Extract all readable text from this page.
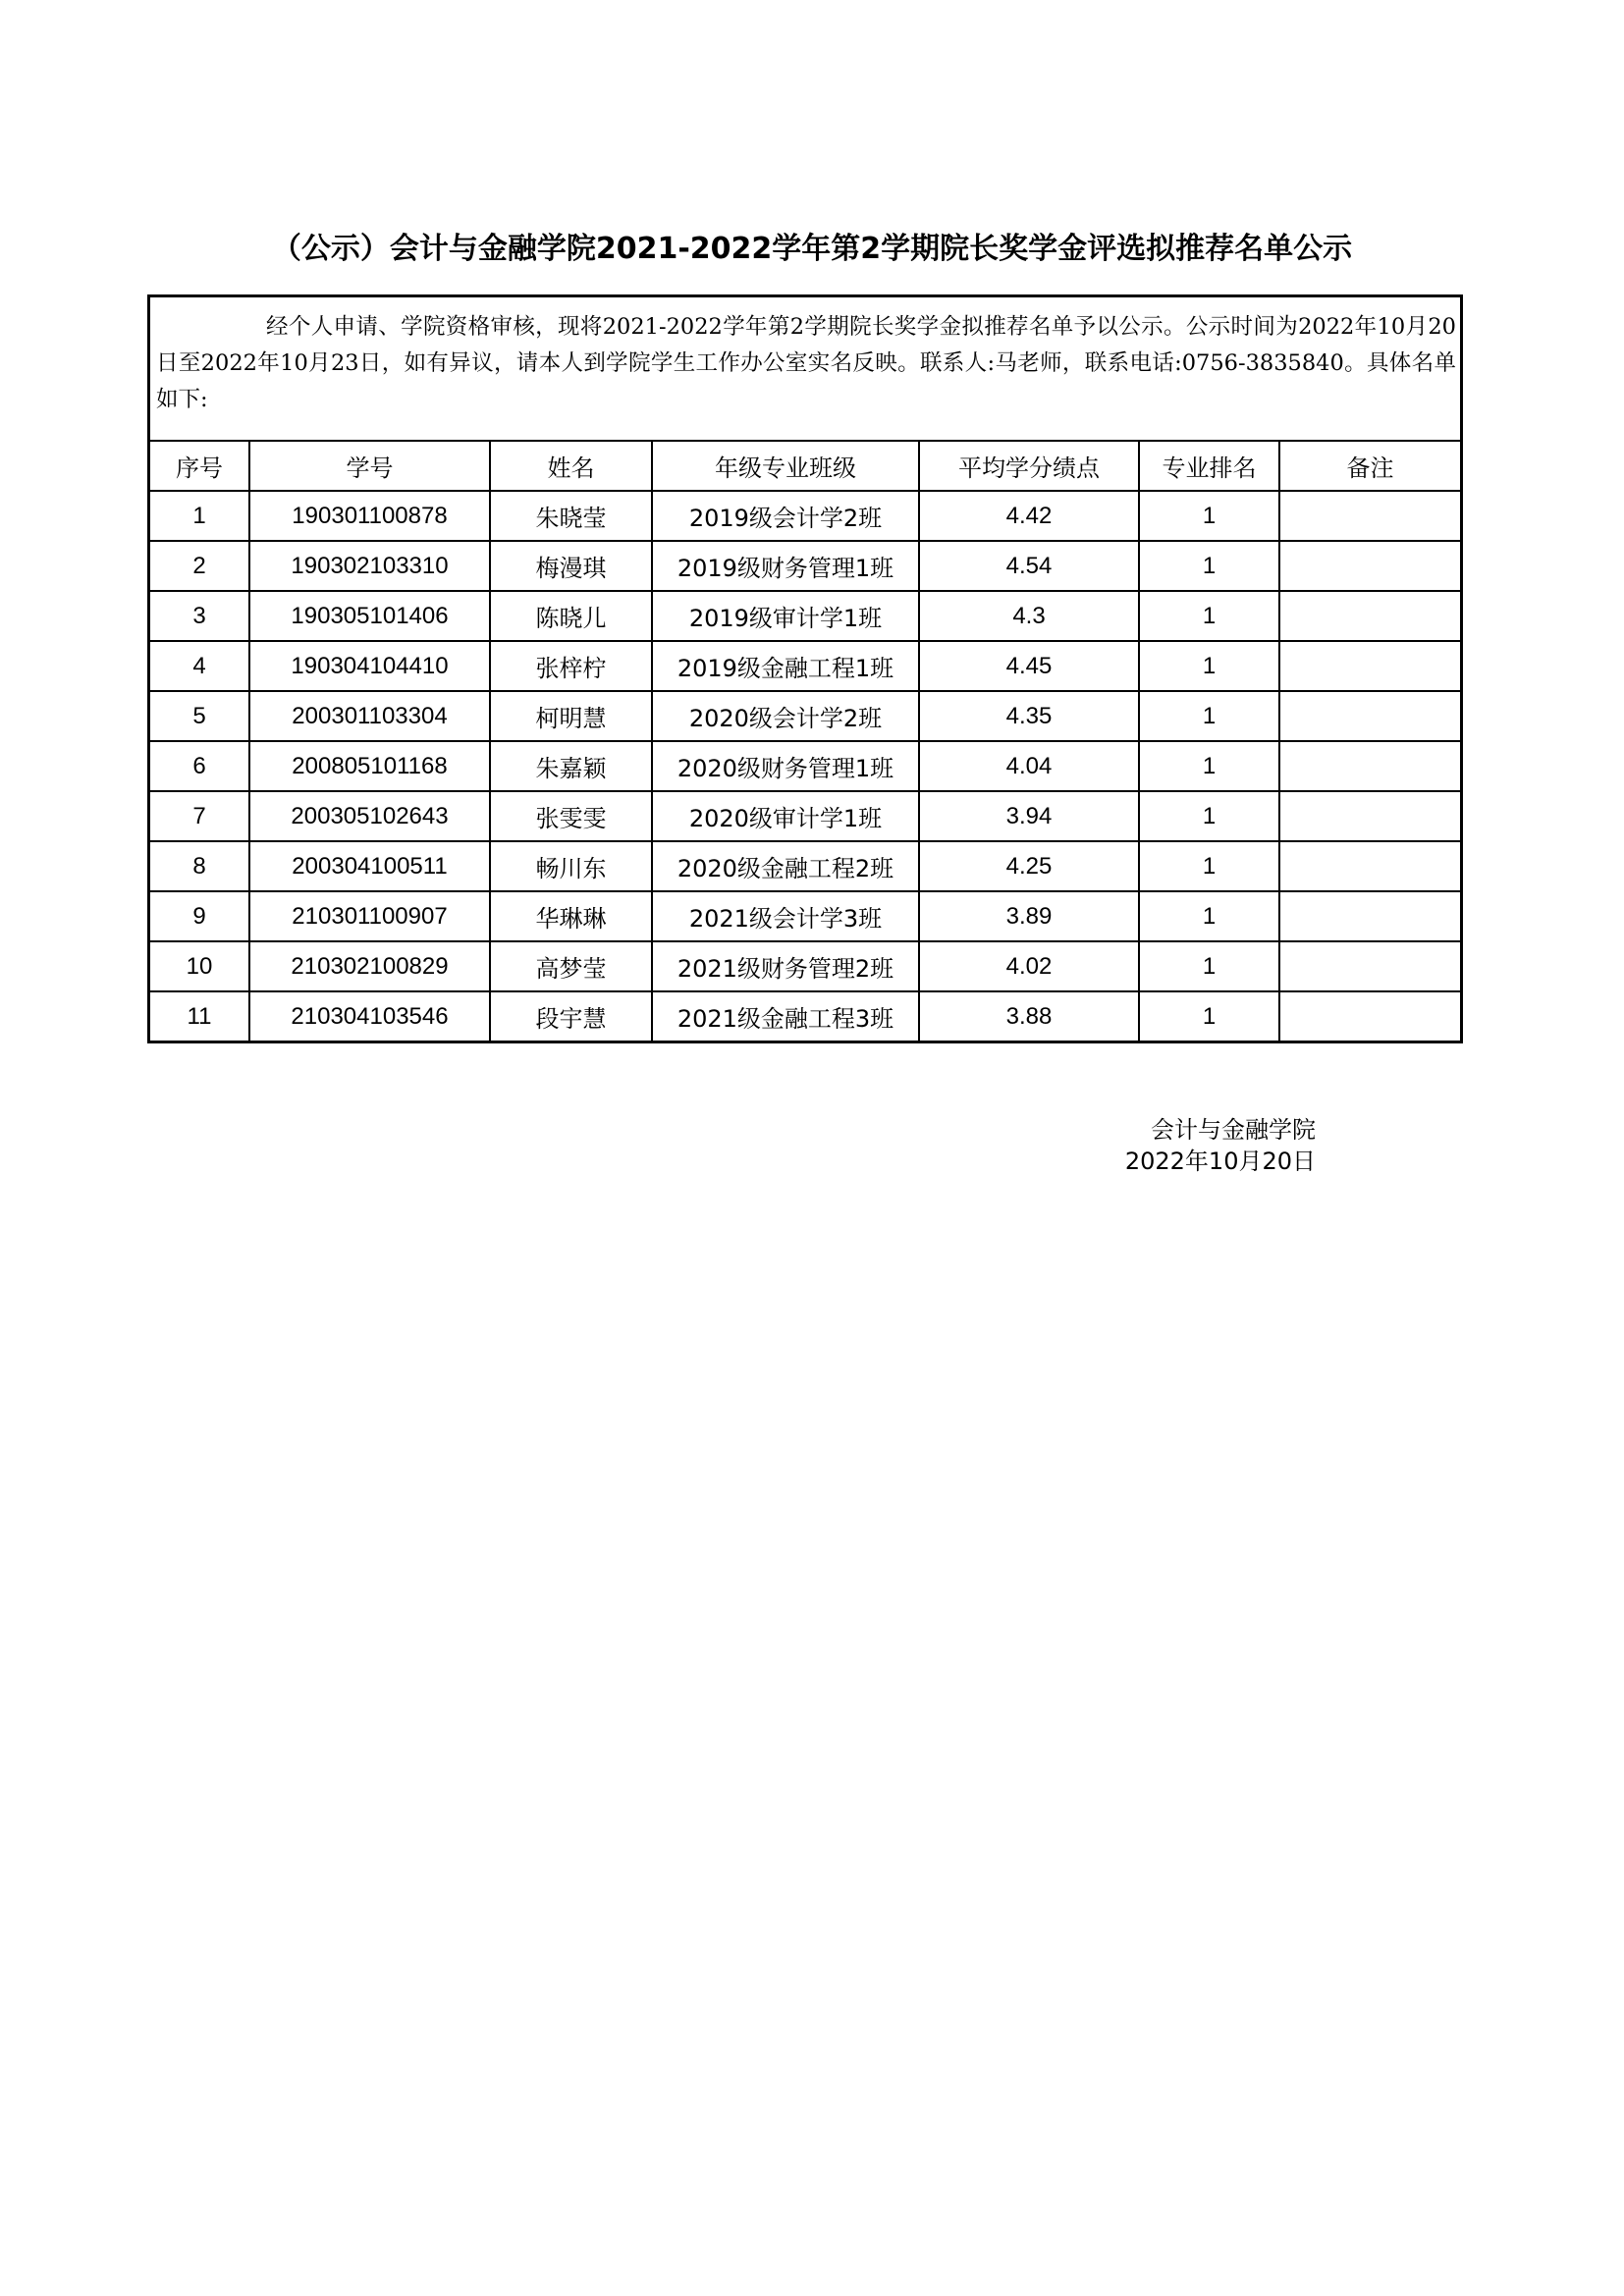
（公示）会计与金融学院2021-2022学年第2学期院长奖学金评选拟推荐名单公示
经个人申请、学院资格审核，现将2021-2022学年第2学期院长奖学金拟推荐名单予以公示。公示时间为2022年10月20日至2022年10月23日，如有异议，请本人到学院学生工作办公室实名反映。联系人:马老师，联系电话:0756-3835840。具体名单如下:
序号	学号	姓名	年级专业班级	平均学分绩点	专业排名	备注
1	190301100878	朱晓莹	2019级会计学2班	4.42	1	
2	190302103310	梅漫琪	2019级财务管理1班	4.54	1	
3	190305101406	陈晓儿	2019级审计学1班	4.3	1	
4	190304104410	张梓柠	2019级金融工程1班	4.45	1	
5	200301103304	柯明慧	2020级会计学2班	4.35	1	
6	200805101168	朱嘉颖	2020级财务管理1班	4.04	1	
7	200305102643	张雯雯	2020级审计学1班	3.94	1	
8	200304100511	畅川东	2020级金融工程2班	4.25	1	
9	210301100907	华琳琳	2021级会计学3班	3.89	1	
10	210302100829	高梦莹	2021级财务管理2班	4.02	1	
11	210304103546	段宇慧	2021级金融工程3班	3.88	1	
会计与金融学院
2022年10月20日
